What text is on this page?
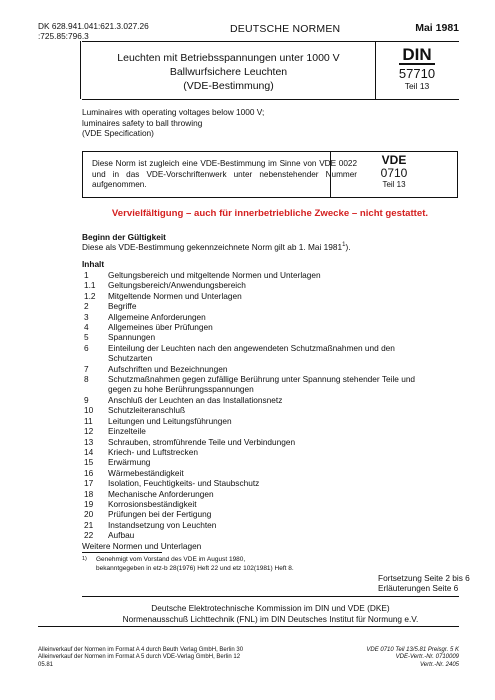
DK 628.941.041:621.3.027.26
:725.85:796.3
DEUTSCHE NORMEN	Mai 1981
Leuchten mit Betriebsspannungen unter 1000 V
Ballwurfsichere Leuchten
(VDE-Bestimmung)
DIN
57710
Teil 13
Luminaires with operating voltages below 1000 V;
luminaires safety to ball throwing
(VDE Specification)
Diese Norm ist zugleich eine VDE-Bestimmung im Sinne von VDE 0022 und in das VDE-Vorschriftenwerk unter nebenstehender Nummer aufgenommen.
VDE
0710
Teil 13
Vervielfältigung – auch für innerbetriebliche Zwecke – nicht gestattet.
Beginn der Gültigkeit
Diese als VDE-Bestimmung gekennzeichnete Norm gilt ab 1. Mai 1981$^1$).
Inhalt
1	Geltungsbereich und mitgeltende Normen und Unterlagen
1.1	Geltungsbereich/Anwendungsbereich
1.2	Mitgeltende Normen und Unterlagen
2	Begriffe
3	Allgemeine Anforderungen
4	Allgemeines über Prüfungen
5	Spannungen
6	Einteilung der Leuchten nach den angewendeten Schutzmaßnahmen und den Schutzarten
7	Aufschriften und Bezeichnungen
8	Schutzmaßnahmen gegen zufällige Berührung unter Spannung stehender Teile und gegen zu hohe Berührungsspannungen
9	Anschluß der Leuchten an das Installationsnetz
10	Schutzleiteranschluß
11	Leitungen und Leitungsführungen
12	Einzelteile
13	Schrauben, stromführende Teile und Verbindungen
14	Kriech- und Luftstrecken
15	Erwärmung
16	Wärmebeständigkeit
17	Isolation, Feuchtigkeits- und Staubschutz
18	Mechanische Anforderungen
19	Korrosionsbeständigkeit
20	Prüfungen bei der Fertigung
21	Instandsetzung von Leuchten
22	Aufbau
Weitere Normen und Unterlagen
1)	Genehmigt vom Vorstand des VDE im August 1980,
bekanntgegeben in etz-b 28(1976) Heft 22 und etz 102(1981) Heft 8.
Fortsetzung Seite 2 bis 6
Erläuterungen Seite 6
Deutsche Elektrotechnische Kommission im DIN und VDE (DKE)
Normenausschuß Lichttechnik (FNL) im DIN Deutsches Institut für Normung e.V.
Alleinverkauf der Normen im Format A 4 durch Beuth Verlag GmbH, Berlin 30
Alleinverkauf der Normen im Format A 5 durch VDE-Verlag GmbH, Berlin 12
05.81
VDE 0710 Teil 13/5.81 Preisgr. 5 K
VDE-Vertr.-Nr. 0710009
Vertr.-Nr. 2405
